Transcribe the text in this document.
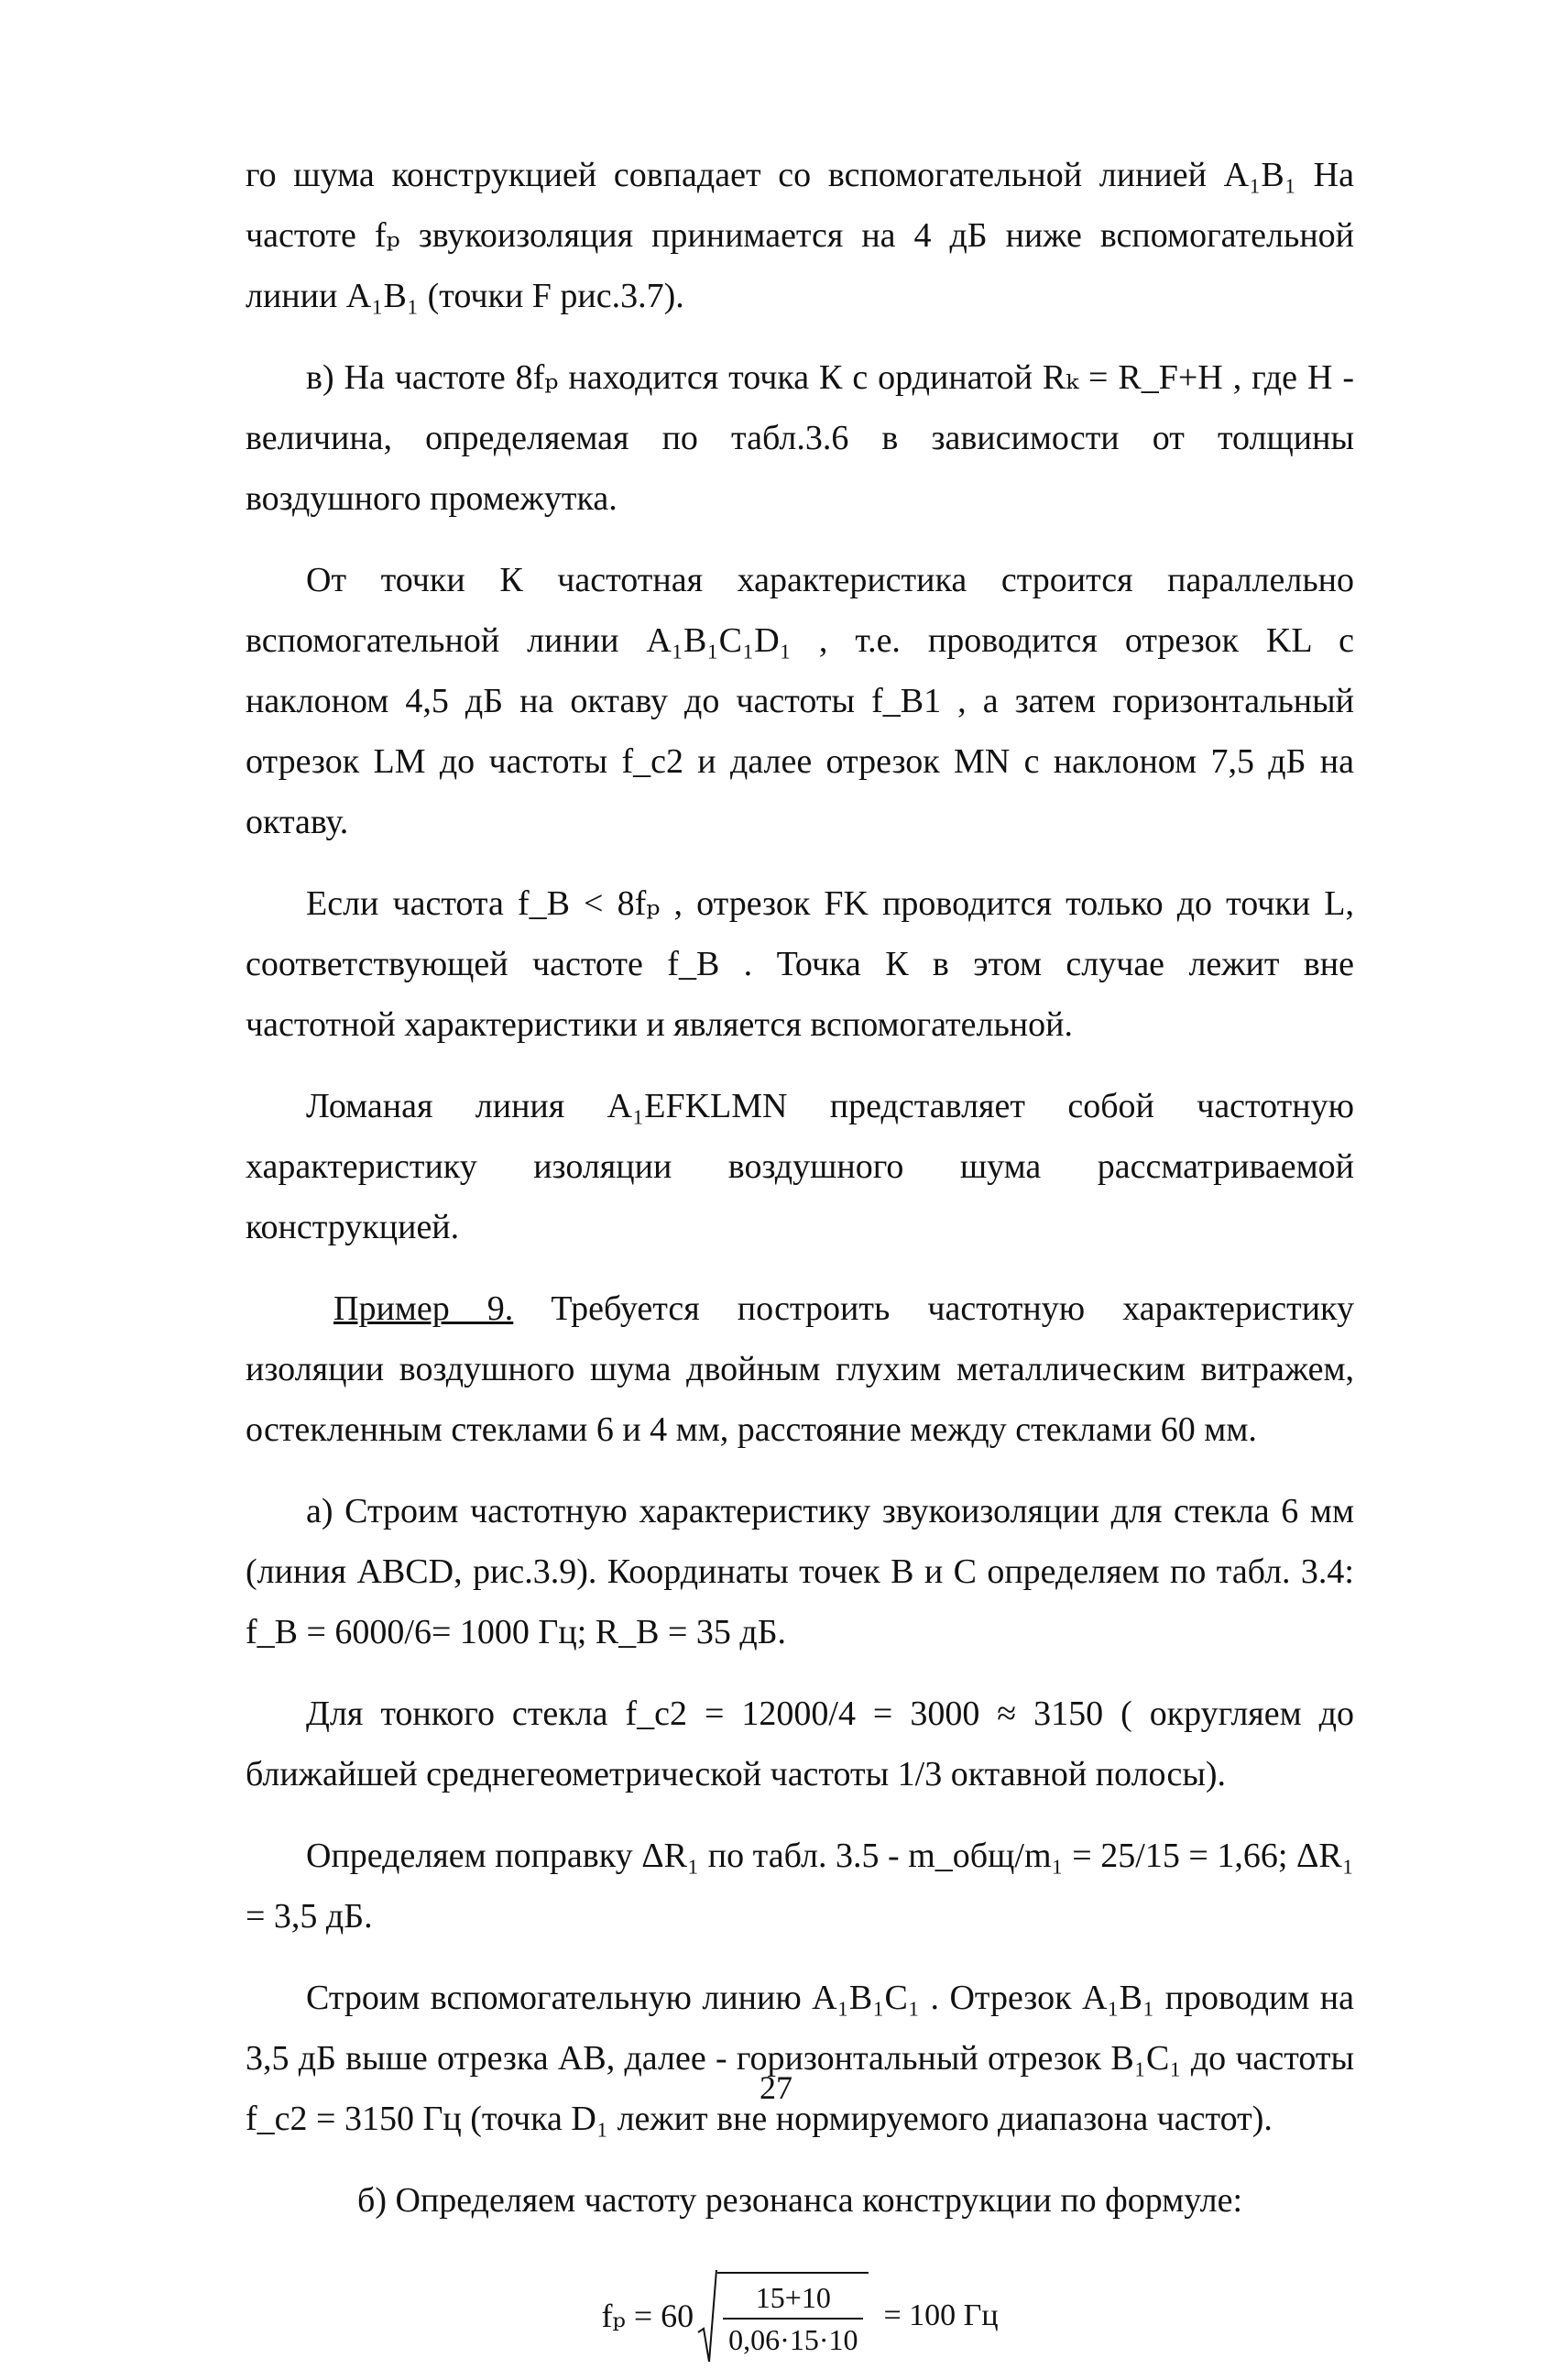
го шума конструкцией совпадает со вспомогательной линией A₁B₁ На частоте fₚ звукоизоляция принимается на 4 дБ ниже вспомогательной линии A₁B₁ (точки F рис.3.7).

в) На частоте 8fₚ находится точка К с ординатой Rₖ = R_F+H , где Н - величина, определяемая по табл.3.6 в зависимости от толщины воздушного промежутка.

От точки К частотная характеристика строится параллельно вспомогательной линии A₁B₁C₁D₁ , т.е. проводится отрезок KL с наклоном 4,5 дБ на октаву до частоты f_B1 , а затем горизонтальный отрезок LM до частоты f_c2 и далее отрезок MN с наклоном 7,5 дБ на октаву.

Если частота f_B < 8fₚ , отрезок FK проводится только до точки L, соответствующей частоте f_B . Точка К в этом случае лежит вне частотной характеристики и является вспомогательной.

Ломаная линия A₁EFKLMN представляет собой частотную характеристику изоляции воздушного шума рассматриваемой конструкцией.

Пример 9. Требуется построить частотную характеристику изоляции воздушного шума двойным глухим металлическим витражем, остекленным стеклами 6 и 4 мм, расстояние между стеклами 60 мм.

а) Строим частотную характеристику звукоизоляции для стекла 6 мм (линия ABCD, рис.3.9). Координаты точек В и С определяем по табл. 3.4: f_B = 6000/6= 1000 Гц; R_B = 35 дБ.

Для тонкого стекла f_c2 = 12000/4 = 3000 ≈ 3150 ( округляем до ближайшей среднегеометрической частоты 1/3 октавной полосы).

Определяем поправку ΔR₁ по табл. 3.5 - m_общ/m₁ = 25/15 = 1,66; ΔR₁ = 3,5 дБ.

Строим вспомогательную линию A₁B₁C₁ . Отрезок A₁B₁ проводим на 3,5 дБ выше отрезка АВ, далее - горизонтальный отрезок B₁C₁ до частоты f_c2 = 3150 Гц (точка D₁ лежит вне нормируемого диапазона частот).

б) Определяем частоту резонанса конструкции по формуле:

$f_p = 60 \frac{15+10}{0,06\cdot 15\cdot 10} = 100$ Гц
27
